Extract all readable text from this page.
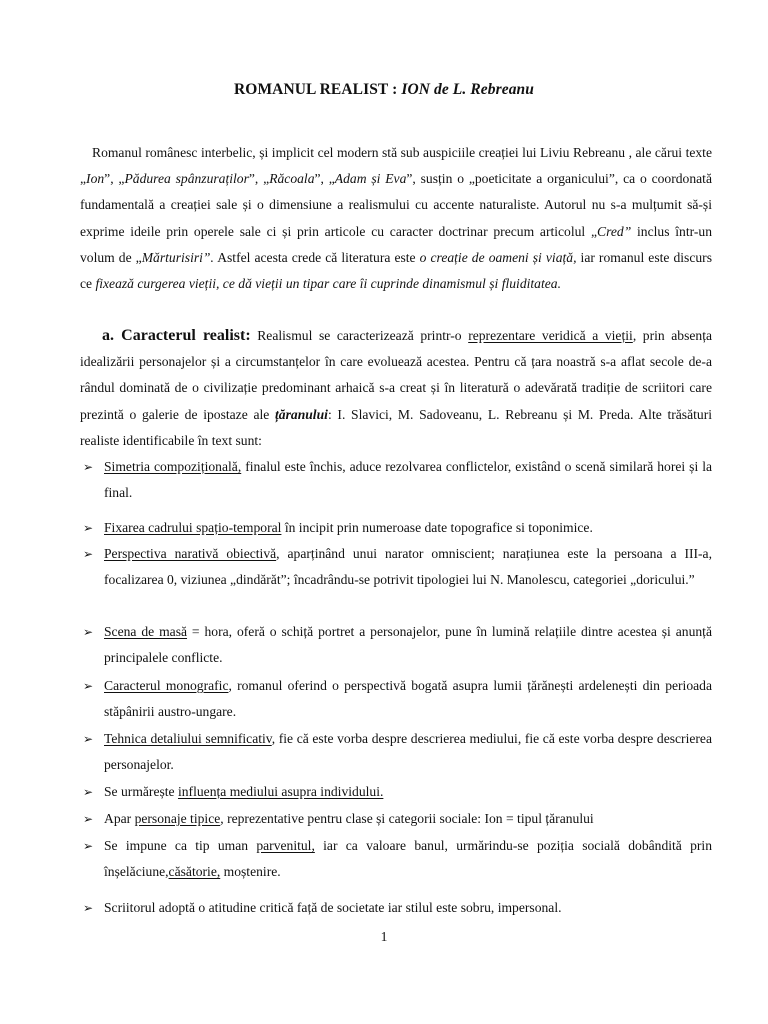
ROMANUL REALIST : ION de L. Rebreanu
Romanul românesc interbelic, și implicit cel modern stă sub auspiciile creației lui Liviu Rebreanu , ale cărui texte „Ion”, „Pădurea spânzuraților”, „Răcoala”, „Adam și Eva”, susțin o „poeticitate a organicului”, ca o coordonată fundamentală a creației sale și o dimensiune a realismului cu accente naturaliste. Autorul nu s-a mulțumit să-și exprime ideile prin operele sale ci și prin articole cu caracter doctrinar precum articolul „Cred” inclus într-un volum de „Mărturisiri”. Astfel acesta crede că literatura este o creație de oameni și viață, iar romanul este discurs ce fixează curgerea vieții, ce dă vieții un tipar care îi cuprinde dinamismul și fluiditatea.
a. Caracterul realist: Realismul se caracterizează printr-o reprezentare veridică a vieții, prin absența idealizării personajelor și a circumstanțelor în care evoluează acestea. Pentru că țara noastră s-a aflat secole de-a rândul dominată de o civilizație predominant arhaică s-a creat și în literatură o adevărată tradiție de scriitori care prezintă o galerie de ipostaze ale țăranului: I. Slavici, M. Sadoveanu, L. Rebreanu și M. Preda. Alte trăsături realiste identificabile în text sunt:
➢ Simetria compozițională, finalul este închis, aduce rezolvarea conflictelor, existând o scenă similară horei și la final.
➢ Fixarea cadrului spațio-temporal în incipit prin numeroase date topografice si toponimice.
➢ Perspectiva narativă obiectivă, aparținând unui narator omniscient; narațiunea este la persoana a III-a, focalizarea 0, viziunea „dindărăt”; încadrându-se potrivit tipologiei lui N. Manolescu, categoriei „doricului.”
➢ Scena de masă = hora, oferă o schiță portret a personajelor, pune în lumină relațiile dintre acestea și anunță principalele conflicte.
➢ Caracterul monografic, romanul oferind o perspectivă bogată asupra lumii țărănești ardelenești din perioada stăpânirii austro-ungare.
➢ Tehnica detaliului semnificativ, fie că este vorba despre descrierea mediului, fie că este vorba despre descrierea personajelor.
➢ Se urmărește influența mediului asupra individului.
➢ Apar personaje tipice, reprezentative pentru clase și categorii sociale: Ion = tipul țăranului
➢ Se impune ca tip uman parvenitul, iar ca valoare banul, urmărindu-se poziția socială dobândită prin înșelăciune,căsătorie, moștenire.
➢ Scriitorul adoptă o atitudine critică față de societate iar stilul este sobru, impersonal.
1
